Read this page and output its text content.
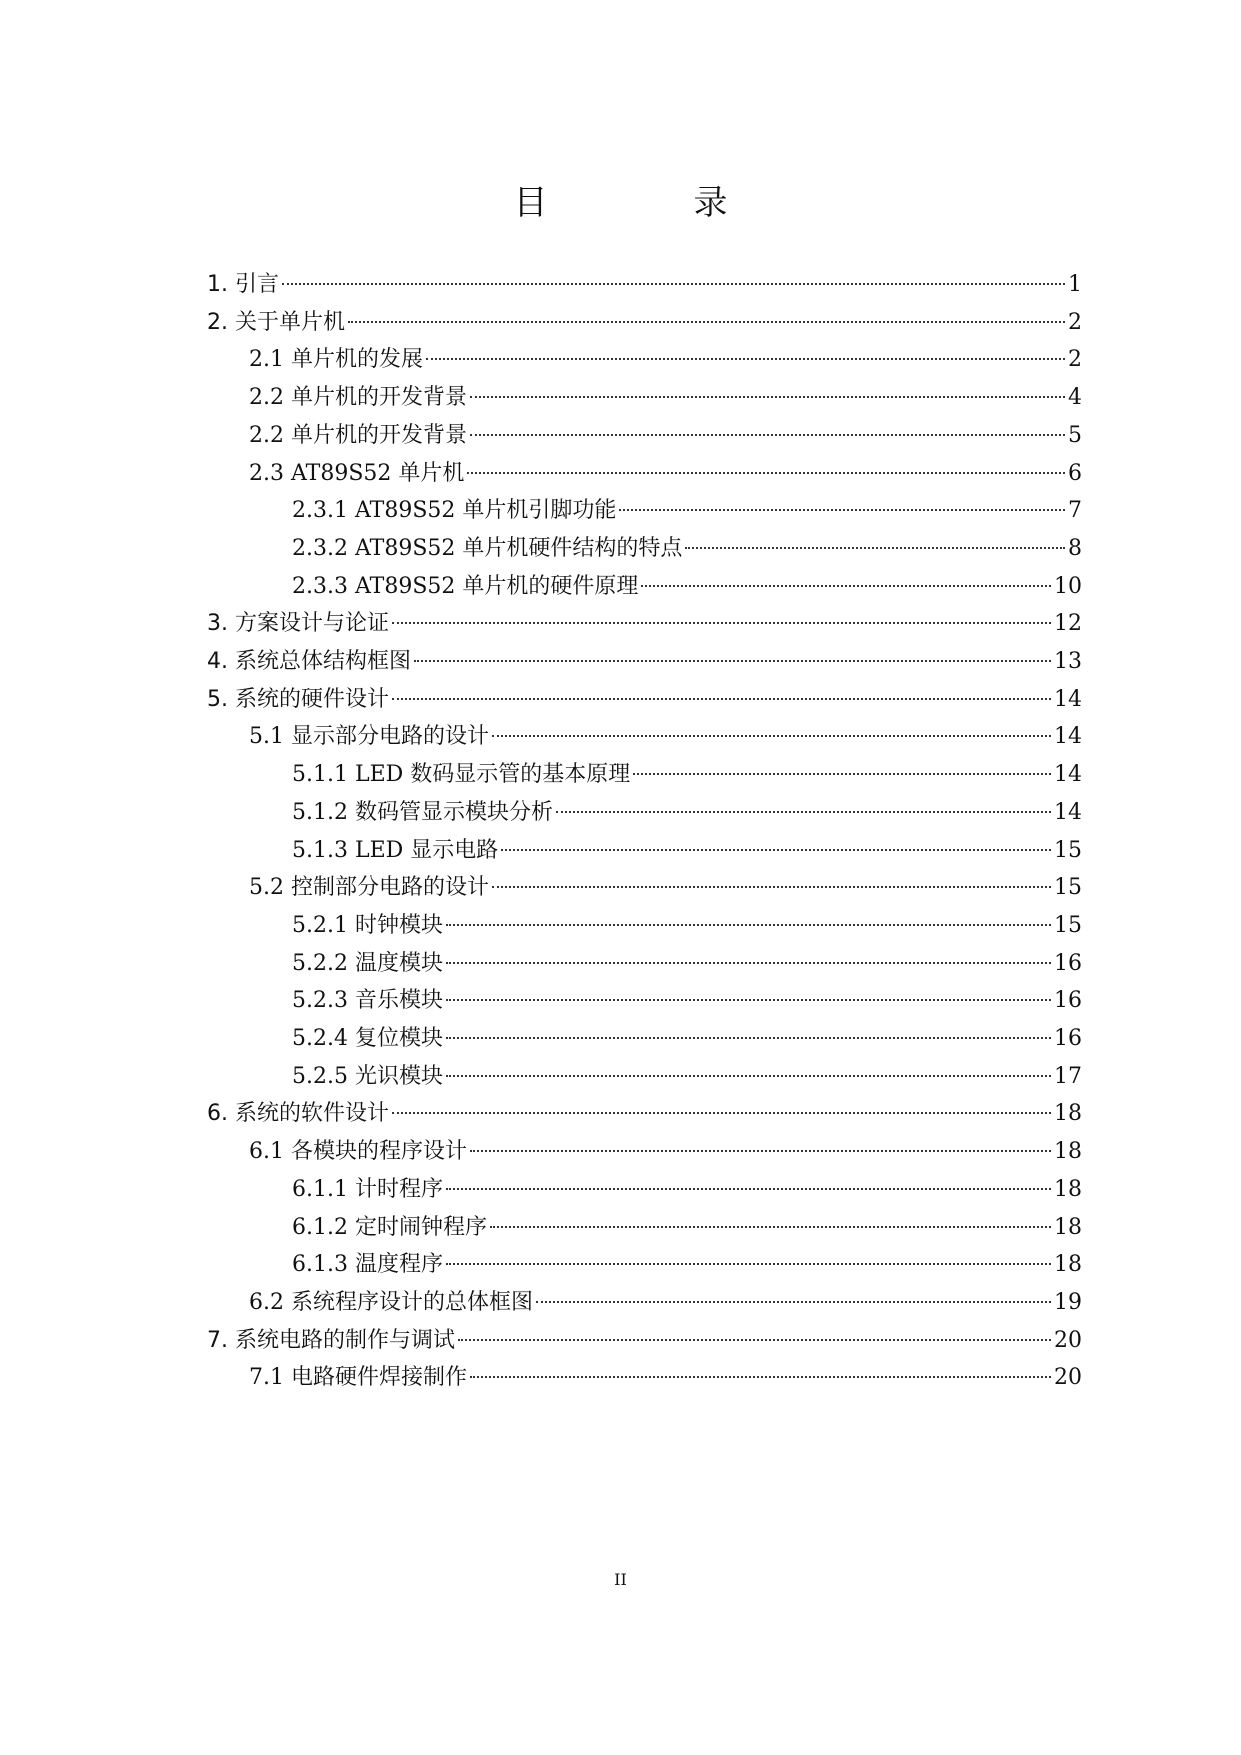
目　录
1. 引言	1
2. 关于单片机	2
2.1 单片机的发展	2
2.2 单片机的开发背景	4
2.2 单片机的开发背景	5
2.3 AT89S52 单片机	6
2.3.1 AT89S52 单片机引脚功能	7
2.3.2 AT89S52 单片机硬件结构的特点	8
2.3.3 AT89S52 单片机的硬件原理	10
3. 方案设计与论证	12
4. 系统总体结构框图	13
5. 系统的硬件设计	14
5.1 显示部分电路的设计	14
5.1.1 LED 数码显示管的基本原理	14
5.1.2 数码管显示模块分析	14
5.1.3 LED 显示电路	15
5.2 控制部分电路的设计	15
5.2.1 时钟模块	15
5.2.2 温度模块	16
5.2.3 音乐模块	16
5.2.4 复位模块	16
5.2.5 光识模块	17
6. 系统的软件设计	18
6.1 各模块的程序设计	18
6.1.1 计时程序	18
6.1.2 定时闹钟程序	18
6.1.3 温度程序	18
6.2 系统程序设计的总体框图	19
7. 系统电路的制作与调试	20
7.1 电路硬件焊接制作	20
II
